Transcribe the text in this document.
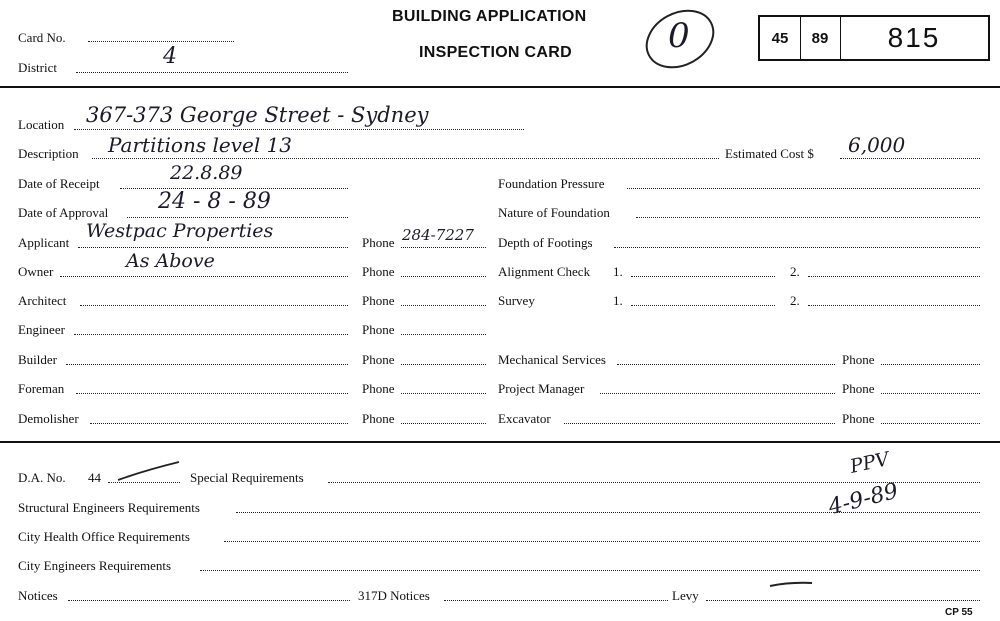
Card No.
District	4
BUILDING APPLICATION
INSPECTION CARD	0	45	89	815
Location 367-373 George Street - Sydney
Description Partitions level 13	Estimated Cost $ 6,000
Date of Receipt	22.8.89
Date of Approval 24 - 8 - 89
Applicant
Westpac Properties
Phone 284-7227
Owner	As Above	Phone
Architect	Phone
Engineer	Phone
Builder	Phone
Foreman	Phone
Demolisher	Phone
Foundation Pressure
Nature of Foundation
Depth of Footings
Alignment Check 1.	2.
Survey	1.	2.
Mechanical Services	Phone
Project Manager	Phone
Excavator	Phone
D.A. No. 44	Special Requirements
Structural Engineers Requirements
City Health Office Requirements
City Engineers Requirements
Notices	317D Notices	Levy
PPV
4-9-89
CP 55
